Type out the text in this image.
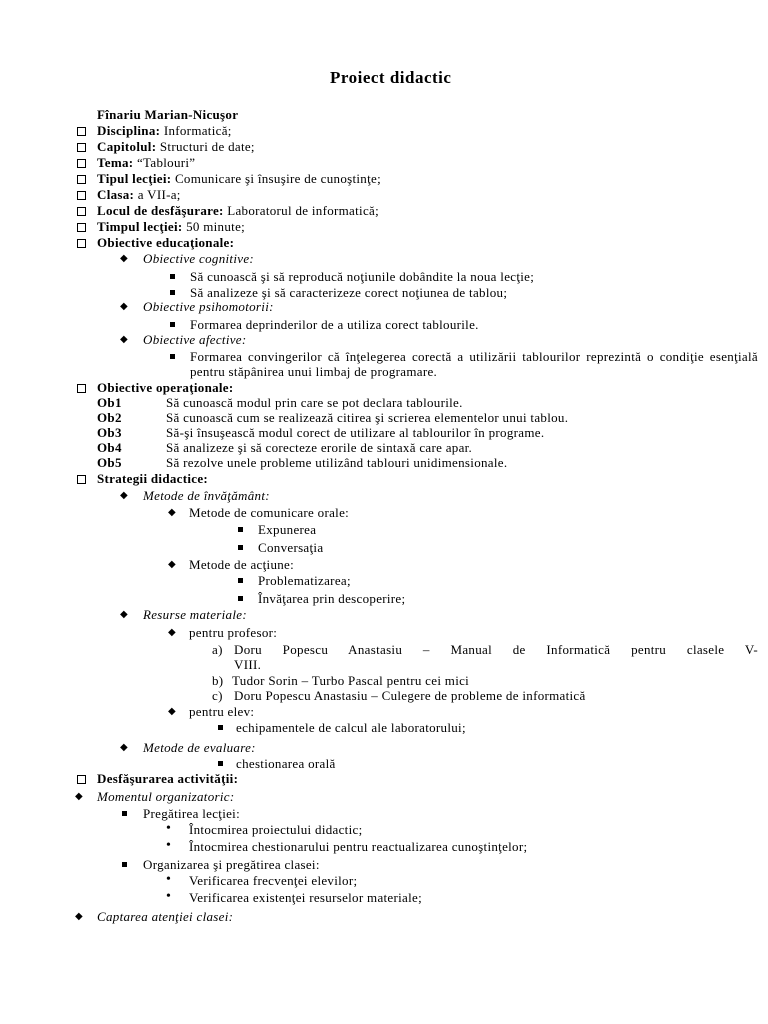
Proiect didactic
Fînariu Marian-Nicuşor
Disciplina: Informatică;
Capitolul: Structuri de date;
Tema: “Tablouri”
Tipul lecţiei: Comunicare şi însuşire de cunoştinţe;
Clasa: a VII-a;
Locul de desfăşurare: Laboratorul de informatică;
Timpul lecţiei: 50 minute;
Obiective educaţionale:
◆ Obiective cognitive:
Să cunoască şi să reproducă noţiunile dobândite la noua lecţie;
Să analizeze şi să caracterizeze corect noţiunea de tablou;
◆ Obiective psihomotorii:
Formarea deprinderilor de a utiliza corect tablourile.
◆ Obiective afective:
Formarea convingerilor că înţelegerea corectă a utilizării tablourilor reprezintă o condiţie esenţială pentru stăpânirea unui limbaj de programare.
Obiective operaţionale:
Ob1	Să cunoască modul prin care se pot declara tablourile.
Ob2	Să cunoască cum se realizează citirea şi scrierea elementelor unui tablou.
Ob3	Să-şi însuşească modul corect de utilizare al tablourilor în programe.
Ob4	Să analizeze şi să corecteze erorile de sintaxă care apar.
Ob5	Să rezolve unele probleme utilizând tablouri unidimensionale.
Strategii didactice:
◆ Metode de învăţământ:
◆ Metode de comunicare orale:
Expunerea
Conversaţia
◆ Metode de acţiune:
Problematizarea;
Învăţarea prin descoperire;
◆ Resurse materiale:
◆ pentru profesor:
a) Doru Popescu Anastasiu – Manual de Informatică pentru clasele V-
VIII.
b) Tudor Sorin – Turbo Pascal pentru cei mici
c) Doru Popescu Anastasiu – Culegere de probleme de informatică
◆ pentru elev:
echipamentele de calcul ale laboratorului;
◆ Metode de evaluare:
chestionarea orală
Desfăşurarea activităţii:
◆ Momentul organizatoric:
Pregătirea lecţiei:
• Întocmirea proiectului didactic;
• Întocmirea chestionarului pentru reactualizarea cunoştinţelor;
Organizarea şi pregătirea clasei:
• Verificarea frecvenţei elevilor;
• Verificarea existenţei resurselor materiale;
◆ Captarea atenţiei clasei:
